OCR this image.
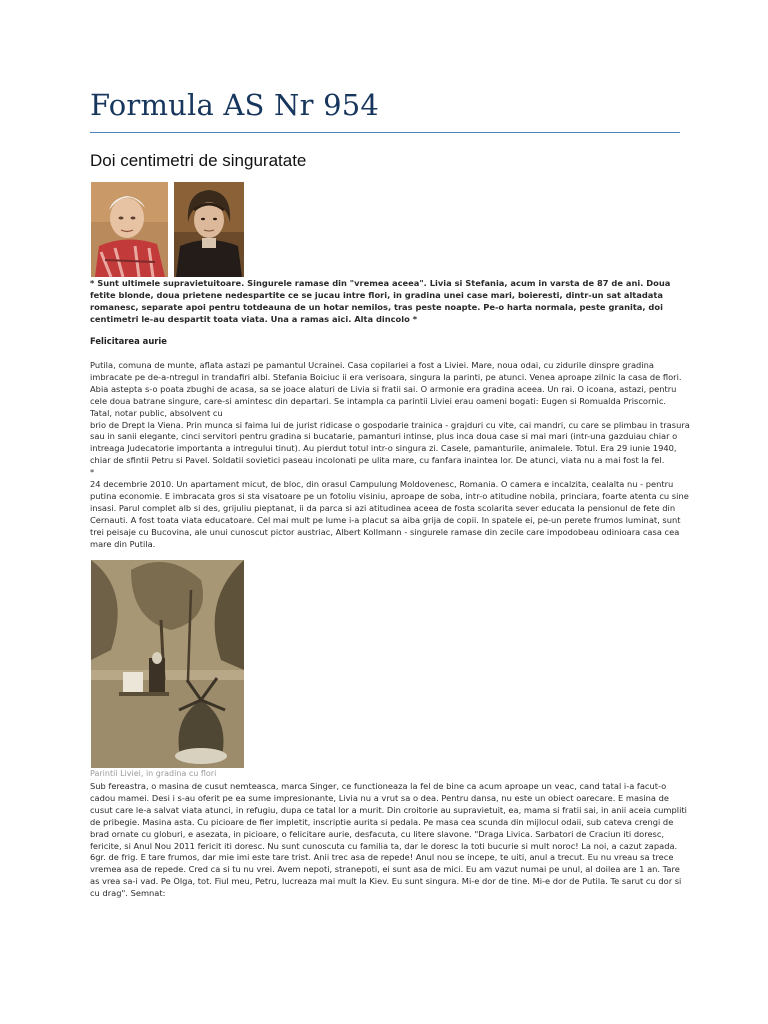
Formula AS Nr 954
Doi centimetri de singuratate

* Sunt ultimele supravietuitoare. Singurele ramase din "vremea aceea". Livia si Stefania, acum in varsta de 87 de ani. Doua fetite blonde, doua prietene nedespartite ce se jucau intre flori, in gradina unei case mari, boieresti, dintr-un sat altadata romanesc, separate apoi pentru totdeauna de un hotar nemilos, tras peste noapte. Pe-o harta normala, peste granita, doi centimetri le-au despartit toata viata. Una a ramas aici. Alta dincolo *

Felicitarea aurie

Putila, comuna de munte, aflata astazi pe pamantul Ucrainei. Casa copilariei a fost a Liviei. Mare, noua odai, cu zidurile dinspre gradina imbracate pe de-a-ntregul in trandafiri albi. Stefania Boiciuc ii era verisoara, singura la parinti, pe atunci. Venea aproape zilnic la casa de flori. Abia astepta s-o poata zbughi de acasa, sa se joace alaturi de Livia si fratii sai. O armonie era gradina aceea. Un rai. O icoana, astazi, pentru cele doua batrane singure, care-si amintesc din departari. Se intampla ca parintii Liviei erau oameni bogati: Eugen si Romualda Priscornic. Tatal, notar public, absolvent cu

brio de Drept la Viena. Prin munca si faima lui de jurist ridicase o gospodarie trainica - grajduri cu vite, cai mandri, cu care se plimbau in trasura sau in sanii elegante, cinci servitori pentru gradina si bucatarie, pamanturi intinse, plus inca doua case si mai mari (intr-una gazduiau chiar o intreaga Judecatorie importanta a intregului tinut). Au pierdut totul intr-o singura zi. Casele, pamanturile, animalele. Totul. Era 29 iunie 1940, chiar de sfintii Petru si Pavel. Soldatii sovietici paseau incolonati pe ulita mare, cu fanfara inaintea lor. De atunci, viata nu a mai fost la fel.

*

24 decembrie 2010. Un apartament micut, de bloc, din orasul Campulung Moldovenesc, Romania. O camera e incalzita, cealalta nu - pentru putina economie. E imbracata gros si sta visatoare pe un fotoliu visiniu, aproape de soba, intr-o atitudine nobila, princiara, foarte atenta cu sine insasi. Parul complet alb si des, grijuliu pieptanat, ii da parca si azi atitudinea aceea de fosta scolarita sever educata la pensionul de fete din Cernauti. A fost toata viata educatoare. Cel mai mult pe lume i-a placut sa aiba grija de copii. In spatele ei, pe-un perete frumos luminat, sunt trei peisaje cu Bucovina, ale unui cunoscut pictor austriac, Albert Kollmann - singurele ramase din zecile care impodobeau odinioara casa cea mare din Putila.

Parintii Liviei, in gradina cu flori

Sub fereastra, o masina de cusut nemteasca, marca Singer, ce functioneaza la fel de bine ca acum aproape un veac, cand tatal i-a facut-o cadou mamei. Desi i s-au oferit pe ea sume impresionante, Livia nu a vrut sa o dea. Pentru dansa, nu este un obiect oarecare. E masina de cusut care le-a salvat viata atunci, in refugiu, dupa ce tatal lor a murit. Din croitorie au supravietuit, ea, mama si fratii sai, in anii aceia cumpliti de pribegie. Masina asta. Cu picioare de fier impletit, inscriptie aurita si pedala. Pe masa cea scunda din mijlocul odaii, sub cateva crengi de brad ornate cu globuri, e asezata, in picioare, o felicitare aurie, desfacuta, cu litere slavone. "Draga Livica. Sarbatori de Craciun iti doresc, fericite, si Anul Nou 2011 fericit iti doresc. Nu sunt cunoscuta cu familia ta, dar le doresc la toti bucurie si mult noroc! La noi, a cazut zapada. 6gr. de frig. E tare frumos, dar mie imi este tare trist. Anii trec asa de repede! Anul nou se incepe, te uiti, anul a trecut. Eu nu vreau sa trece vremea asa de repede. Cred ca si tu nu vrei. Avem nepoti, stranepoti, ei sunt asa de mici. Eu am vazut numai pe unul, al doilea are 1 an. Tare as vrea sa-i vad. Pe Olga, tot. Fiul meu, Petru, lucreaza mai mult la Kiev. Eu sunt singura. Mi-e dor de tine. Mi-e dor de Putila. Te sarut cu dor si cu drag". Semnat:
